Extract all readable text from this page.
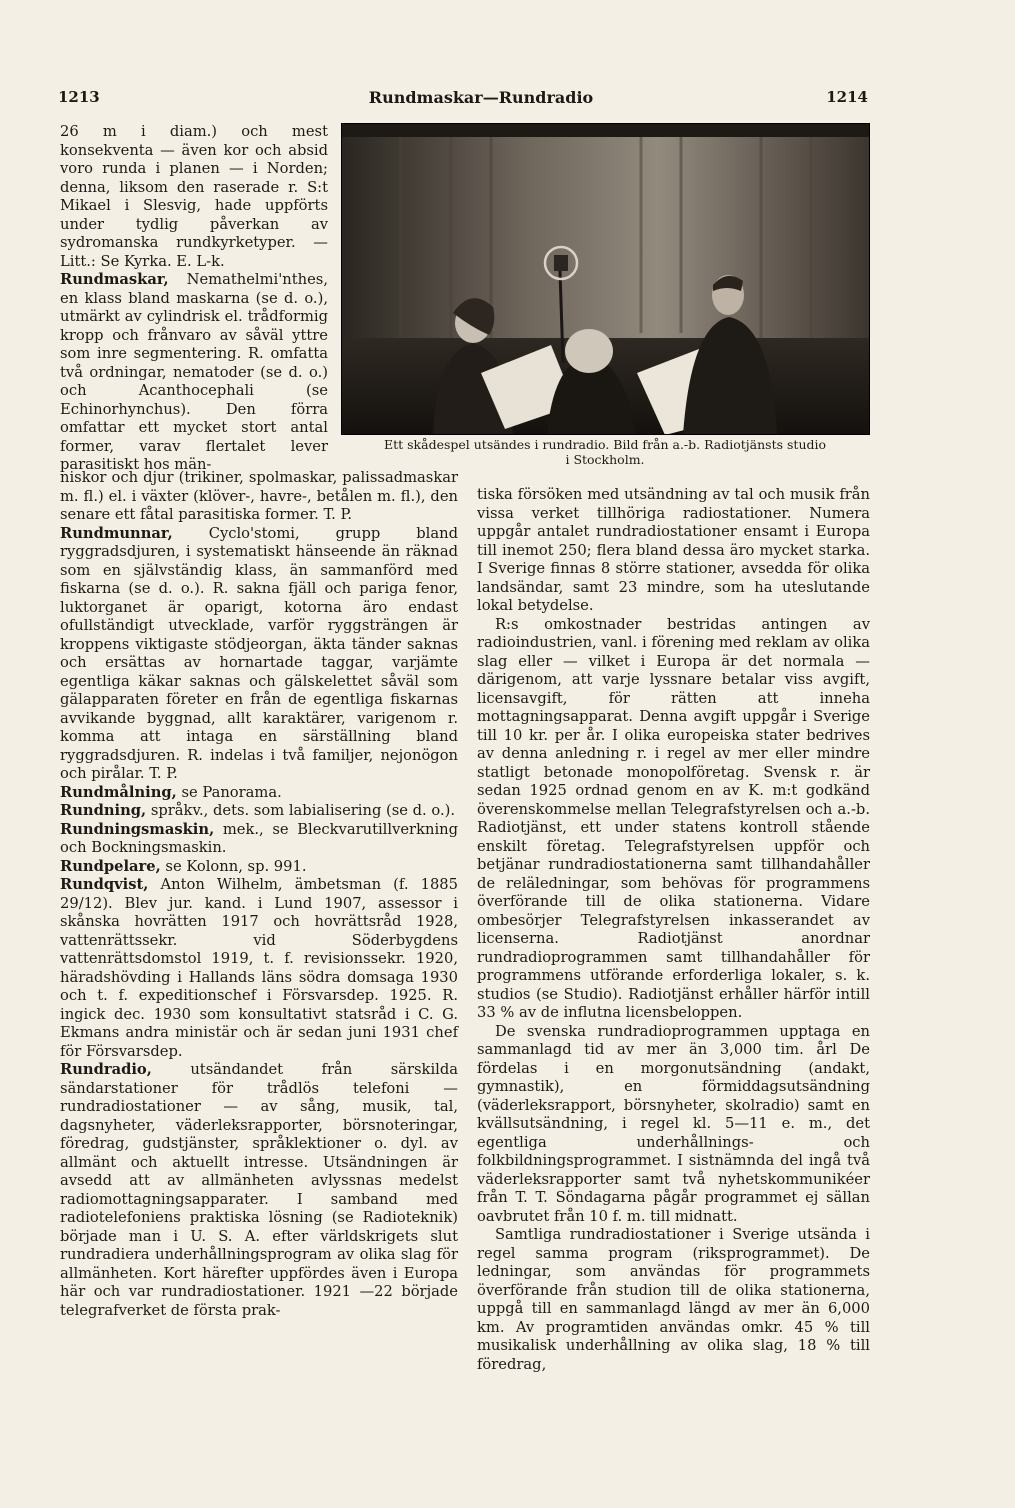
1213	Rundmaskar—Rundradio	1214

26 m i diam.) och mest konsekventa — även kor och absid voro runda i planen — i Norden; denna, liksom den raserade r. S:t Mikael i Slesvig, hade uppförts under tydlig påverkan av sydromanska rundkyrketyper. — Litt.: Se Kyrka. E. L-k.

Rundmaskar, Nemathelmi'nthes, en klass bland maskarna (se d. o.), utmärkt av cylindrisk el. trådformig kropp och frånvaro av såväl yttre som inre segmentering. R. omfatta två ordningar, nematoder (se d. o.) och Acanthocephali (se Echinorhynchus). Den förra omfattar ett mycket stort antal former, varav flertalet lever parasitiskt hos män-

Ett skådespel utsändes i rundradio. Bild från a.-b. Radiotjänsts studio
i Stockholm.

niskor och djur (trikiner, spolmaskar, palissadmaskar m. fl.) el. i växter (klöver-, havre-, betålen m. fl.), den senare ett fåtal parasitiska former. T. P.

Rundmunnar, Cyclo'stomi, grupp bland ryggradsdjuren, i systematiskt hänseende än räknad som en självständig klass, än sammanförd med fiskarna (se d. o.). R. sakna fjäll och pariga fenor, luktorganet är oparigt, kotorna äro endast ofullständigt utvecklade, varför ryggsträngen är kroppens viktigaste stödjeorgan, äkta tänder saknas och ersättas av hornartade taggar, varjämte egentliga käkar saknas och gälskelettet såväl som gälapparaten företer en från de egentliga fiskarnas avvikande byggnad, allt karaktärer, varigenom r. komma att intaga en särställning bland ryggradsdjuren. R. indelas i två familjer, nejonögon och pirålar. T. P.

Rundmålning, se Panorama.

Rundning, språkv., dets. som labialisering (se d. o.).

Rundningsmaskin, mek., se Bleckvarutillverkning och Bockningsmaskin.

Rundpelare, se Kolonn, sp. 991.

Rundqvist, Anton Wilhelm, ämbetsman (f. 1885 29/12). Blev jur. kand. i Lund 1907, assessor i skånska hovrätten 1917 och hovrättsråd 1928, vattenrättssekr. vid Söderbygdens vattenrättsdomstol 1919, t. f. revisionssekr. 1920, häradshövding i Hallands läns södra domsaga 1930 och t. f. expeditionschef i Försvarsdep. 1925. R. ingick dec. 1930 som konsultativt statsråd i C. G. Ekmans andra ministär och är sedan juni 1931 chef för Försvarsdep.

Rundradio, utsändandet från särskilda sändarstationer för trådlös telefoni — rundradiostationer — av sång, musik, tal, dagsnyheter, väderleksrapporter, börsnoteringar, föredrag, gudstjänster, språklektioner o. dyl. av allmänt och aktuellt intresse. Utsändningen är avsedd att av allmänheten avlyssnas medelst radiomottagningsapparater. I samband med radiotelefoniens praktiska lösning (se Radioteknik) började man i U. S. A. efter världskrigets slut rundradiera underhållningsprogram av olika slag för allmänheten. Kort härefter uppfördes även i Europa här och var rundradiostationer. 1921 —22 började telegrafverket de första prak-

tiska försöken med utsändning av tal och musik från vissa verket tillhöriga radiostationer. Numera uppgår antalet rundradiostationer ensamt i Europa till inemot 250; flera bland dessa äro mycket starka. I Sverige finnas 8 större stationer, avsedda för olika landsändar, samt 23 mindre, som ha uteslutande lokal betydelse.

R:s omkostnader bestridas antingen av radioindustrien, vanl. i förening med reklam av olika slag eller — vilket i Europa är det normala — därigenom, att varje lyssnare betalar viss avgift, licensavgift, för rätten att inneha mottagningsapparat. Denna avgift uppgår i Sverige till 10 kr. per år. I olika europeiska stater bedrives av denna anledning r. i regel av mer eller mindre statligt betonade monopolföretag. Svensk r. är sedan 1925 ordnad genom en av K. m:t godkänd överenskommelse mellan Telegrafstyrelsen och a.-b. Radiotjänst, ett under statens kontroll stående enskilt företag. Telegrafstyrelsen uppför och betjänar rundradiostationerna samt tillhandahåller de reläledningar, som behövas för programmens överförande till de olika stationerna. Vidare ombesörjer Telegrafstyrelsen inkasserandet av licenserna. Radiotjänst anordnar rundradioprogrammen samt tillhandahåller för programmens utförande erforderliga lokaler, s. k. studios (se Studio). Radiotjänst erhåller härför intill 33 % av de influtna licensbeloppen.

De svenska rundradioprogrammen upptaga en sammanlagd tid av mer än 3,000 tim. årl De fördelas i en morgonutsändning (andakt, gymnastik), en förmiddagsutsändning (väderleksrapport, börsnyheter, skolradio) samt en kvällsutsändning, i regel kl. 5—11 e. m., det egentliga underhållnings- och folkbildningsprogrammet. I sistnämnda del ingå två väderleksrapporter samt två nyhetskommunikéer från T. T. Söndagarna pågår programmet ej sällan oavbrutet från 10 f. m. till midnatt.

Samtliga rundradiostationer i Sverige utsända i regel samma program (riksprogrammet). De ledningar, som användas för programmets överförande från studion till de olika stationerna, uppgå till en sammanlagd längd av mer än 6,000 km. Av programtiden användas omkr. 45 % till musikalisk underhållning av olika slag, 18 % till föredrag,
